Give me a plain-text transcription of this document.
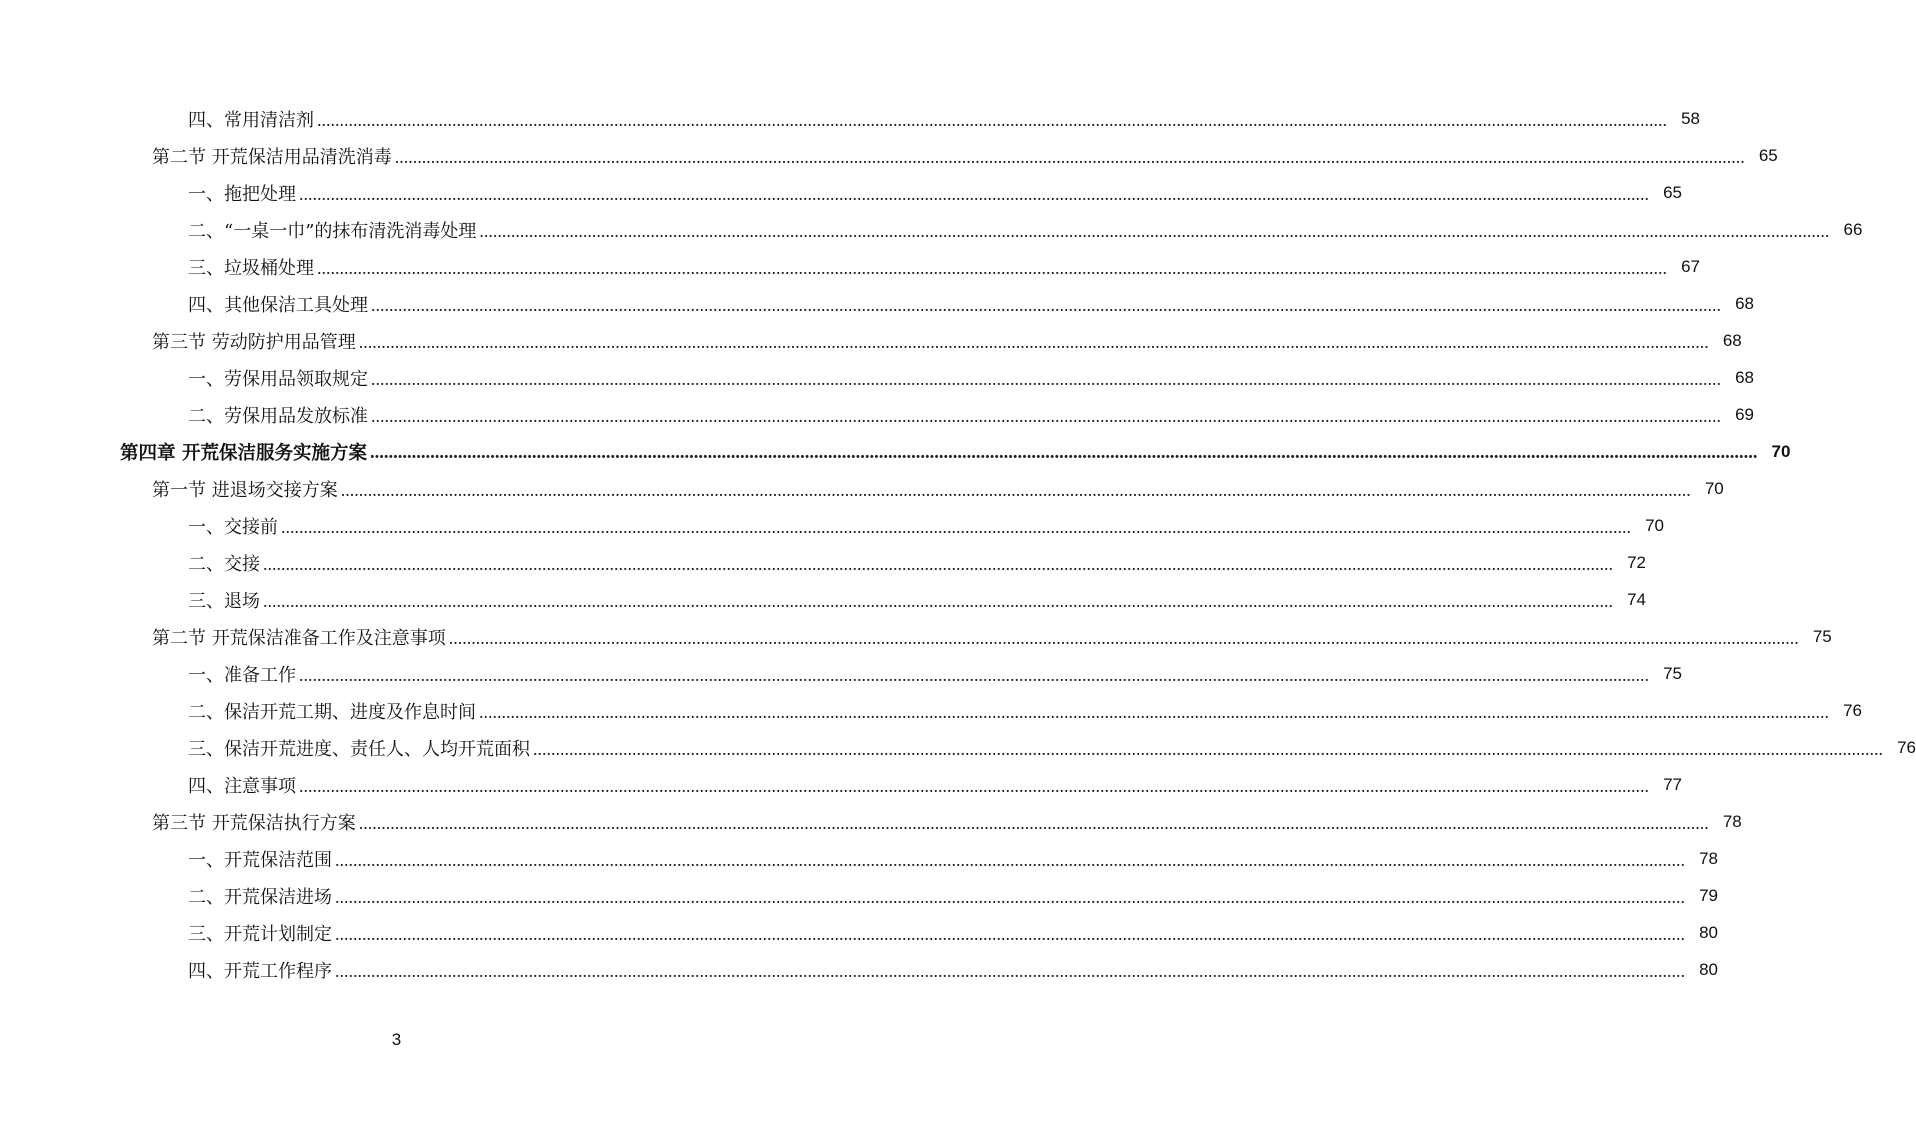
四、常用清洁剂 ............................................................................................................................................................................................................................................................................................................ 58
第二节 开荒保洁用品清洗消毒 ............................................................................................................................................................................................................................................................................................................ 65
一、拖把处理 ............................................................................................................................................................................................................................................................................................................ 65
二、“一桌一巾”的抹布清洗消毒处理 ............................................................................................................................................................................................................................................................................................................ 66
三、垃圾桶处理 ............................................................................................................................................................................................................................................................................................................ 67
四、其他保洁工具处理 ............................................................................................................................................................................................................................................................................................................ 68
第三节 劳动防护用品管理 ............................................................................................................................................................................................................................................................................................................ 68
一、劳保用品领取规定 ............................................................................................................................................................................................................................................................................................................ 68
二、劳保用品发放标准 ............................................................................................................................................................................................................................................................................................................ 69
第四章 开荒保洁服务实施方案 ............................................................................................................................................................................................................................................................................................................ 70
第一节 进退场交接方案 ............................................................................................................................................................................................................................................................................................................ 70
一、交接前 ............................................................................................................................................................................................................................................................................................................ 70
二、交接 ............................................................................................................................................................................................................................................................................................................ 72
三、退场 ............................................................................................................................................................................................................................................................................................................ 74
第二节 开荒保洁准备工作及注意事项 ............................................................................................................................................................................................................................................................................................................ 75
一、准备工作 ............................................................................................................................................................................................................................................................................................................ 75
二、保洁开荒工期、进度及作息时间 ............................................................................................................................................................................................................................................................................................................ 76
三、保洁开荒进度、责任人、人均开荒面积 ............................................................................................................................................................................................................................................................................................................ 76
四、注意事项 ............................................................................................................................................................................................................................................................................................................ 77
第三节 开荒保洁执行方案 ............................................................................................................................................................................................................................................................................................................ 78
一、开荒保洁范围 ............................................................................................................................................................................................................................................................................................................ 78
二、开荒保洁进场 ............................................................................................................................................................................................................................................................................................................ 79
三、开荒计划制定 ............................................................................................................................................................................................................................................................................................................ 80
四、开荒工作程序 ............................................................................................................................................................................................................................................................................................................ 80
3
